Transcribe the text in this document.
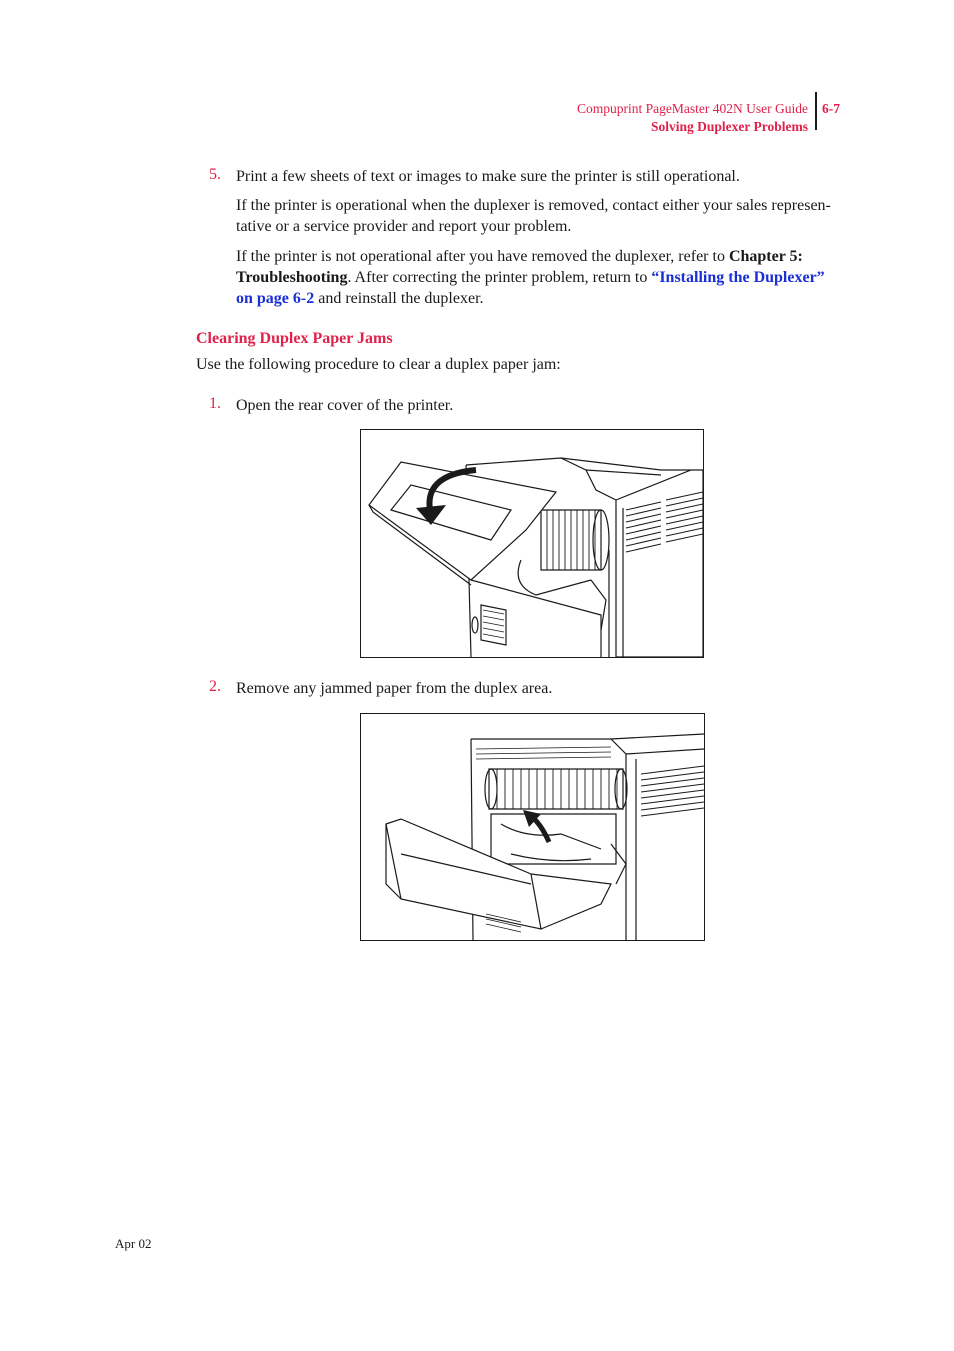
Compuprint PageMaster 402N User Guide
Solving Duplexer Problems
6-7
5. Print a few sheets of text or images to make sure the printer is still operational.
If the printer is operational when the duplexer is removed, contact either your sales represen-
tative or a service provider and report your problem.
If the printer is not operational after you have removed the duplexer, refer to Chapter 5:
Troubleshooting. After correcting the printer problem, return to “Installing the Duplexer”
on page 6-2 and reinstall the duplexer.
Clearing Duplex Paper Jams
Use the following procedure to clear a duplex paper jam:
1. Open the rear cover of the printer.
2. Remove any jammed paper from the duplex area.
Apr 02
